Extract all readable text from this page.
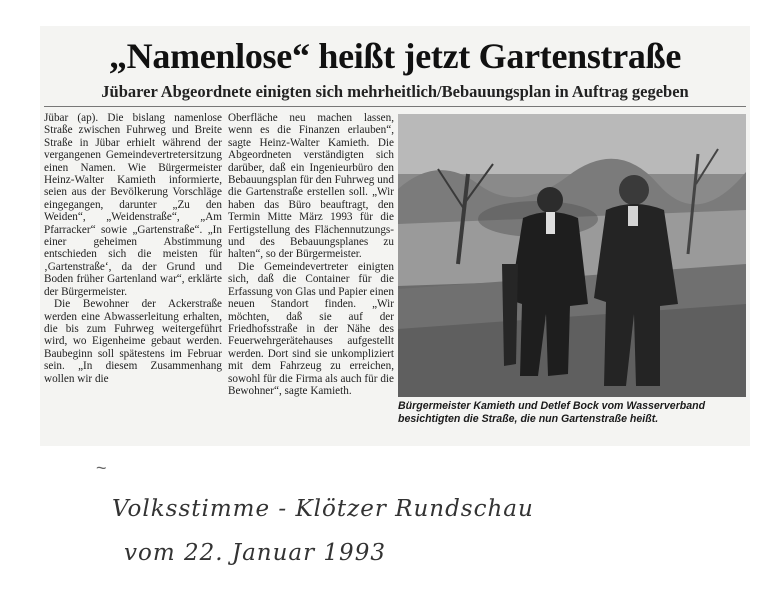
„Namenlose“ heißt jetzt Gartenstraße
Jübarer Abgeordnete einigten sich mehrheitlich/Bebauungsplan in Auftrag gegeben

Jübar (ap). Die bislang namenlose Straße zwischen Fuhrweg und Breite Straße in Jübar erhielt während der vergangenen Gemeindevertretersitzung einen Namen. Wie Bürgermeister Heinz-Walter Kamieth informierte, seien aus der Bevölkerung Vorschläge eingegangen, darunter „Zu den Weiden“, „Weidenstraße“, „Am Pfarracker“ sowie „Gartenstraße“. „In einer geheimen Abstimmung entschieden sich die meisten für ‚Gartenstraße‘, da der Grund und Boden früher Gartenland war“, erklärte der Bürgermeister.

Die Bewohner der Ackerstraße werden eine Abwasserleitung erhalten, die bis zum Fuhrweg weitergeführt wird, wo Eigenheime gebaut werden. Baubeginn soll spätestens im Februar sein. „In diesem Zusammenhang wollen wir die

Oberfläche neu machen lassen, wenn es die Finanzen erlauben“, sagte Heinz-Walter Kamieth. Die Abgeordneten verständigten sich darüber, daß ein Ingenieurbüro den Bebauungsplan für den Fuhrweg und die Gartenstraße erstellen soll. „Wir haben das Büro beauftragt, den Termin Mitte März 1993 für die Fertigstellung des Flächennutzungs- und des Bebauungsplanes zu halten“, so der Bürgermeister.

Die Gemeindevertreter einigten sich, daß die Container für die Erfassung von Glas und Papier einen neuen Standort finden. „Wir möchten, daß sie auf der Friedhofsstraße in der Nähe des Feuerwehrgerätehauses aufgestellt werden. Dort sind sie unkompliziert mit dem Fahrzeug zu erreichen, sowohl für die Firma als auch für die Bewohner“, sagte Kamieth.

Bürgermeister Kamieth und Detlef Bock vom Wasserverband besichtigten die Straße, die nun Gartenstraße heißt.
~
Volksstimme - Klötzer Rundschau
vom 22. Januar 1993
